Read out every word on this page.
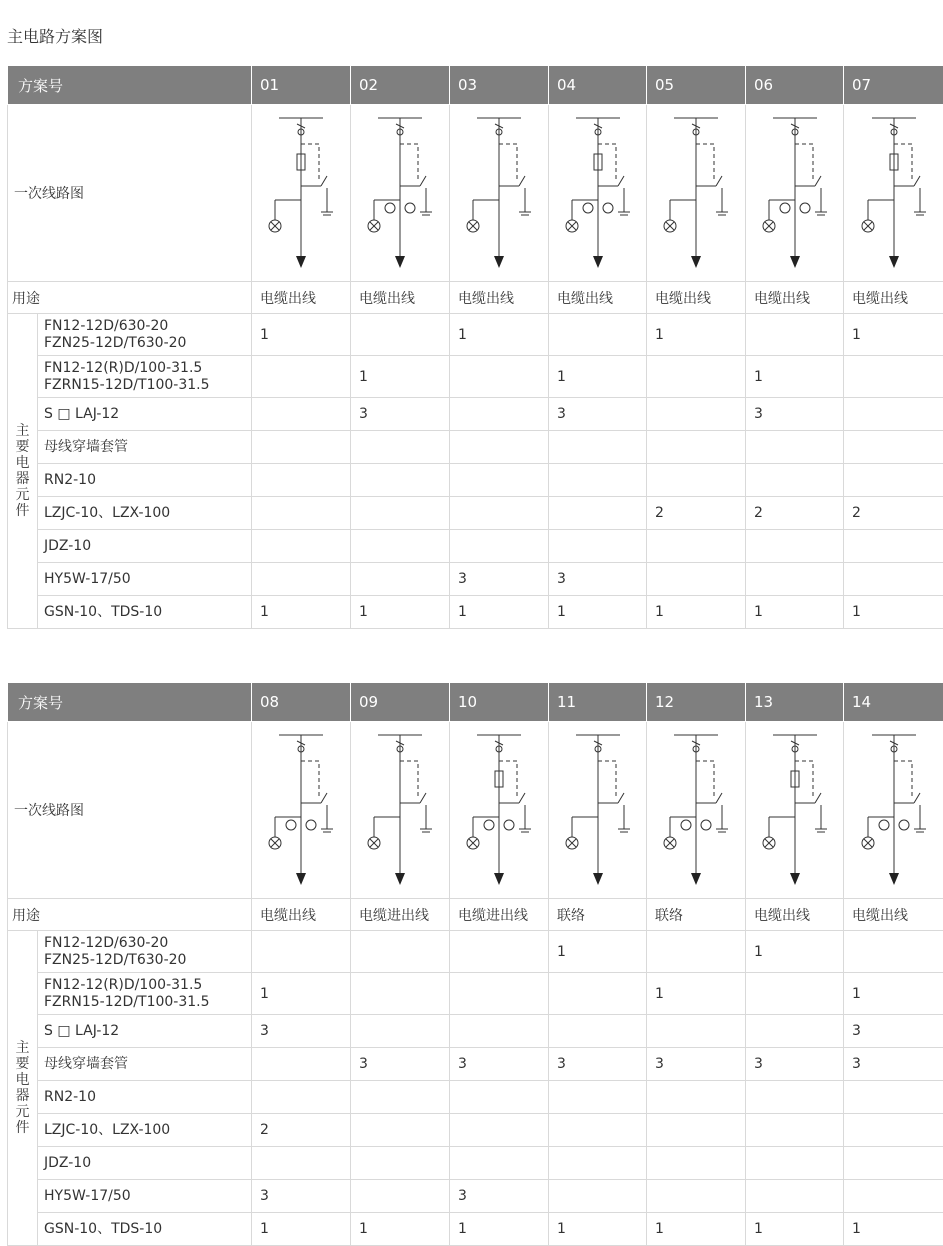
主电路方案图
方案号		01	02	03	04	05	06	07
一次线路图	

用途		电缆出线	电缆出线	电缆出线	电缆出线	电缆出线	电缆出线	电缆出线
主要电器元件	FN12-12D/630-20
FZN25-12D/T630-20	1		1		1		1
	FN12-12(R)D/100-31.5
FZRN15-12D/T100-31.5		1		1		1	
	S □ LAJ-12		3		3		3	
	母线穿墙套管							
	RN2-10							
	LZJC-10、LZX-100					2	2	2
	JDZ-10							
	HY5W-17/50			3	3			
	GSN-10、TDS-10	1	1	1	1	1	1	1
方案号		08	09	10	11	12	13	14
一次线路图	

用途		电缆出线	电缆进出线	电缆进出线	联络	联络	电缆出线	电缆出线
主要电器元件	FN12-12D/630-20
FZN25-12D/T630-20				1		1	
	FN12-12(R)D/100-31.5
FZRN15-12D/T100-31.5	1				1		1
	S □ LAJ-12	3						3
	母线穿墙套管		3	3	3	3	3	3
	RN2-10							
	LZJC-10、LZX-100	2						
	JDZ-10							
	HY5W-17/50	3		3				
	GSN-10、TDS-10	1	1	1	1	1	1	1
